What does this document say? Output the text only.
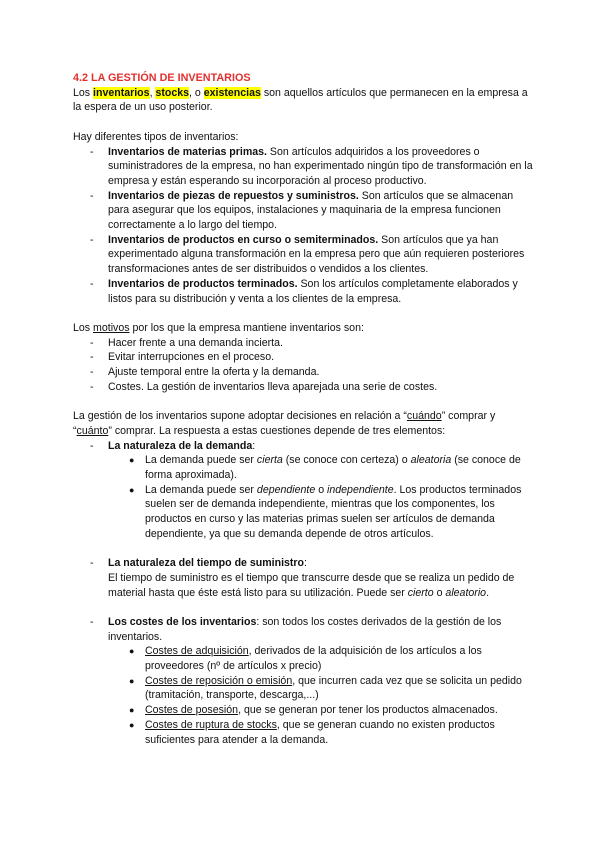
4.2 LA GESTIÓN DE INVENTARIOS

Los inventarios, stocks, o existencias son aquellos artículos que permanecen en la empresa a la espera de un uso posterior.

Hay diferentes tipos de inventarios:

- Inventarios de materias primas. Son artículos adquiridos a los proveedores o suministradores de la empresa, no han experimentado ningún tipo de transformación en la empresa y están esperando su incorporación al proceso productivo.
- Inventarios de piezas de repuestos y suministros. Son artículos que se almacenan para asegurar que los equipos, instalaciones y maquinaria de la empresa funcionen correctamente a lo largo del tiempo.
- Inventarios de productos en curso o semiterminados. Son artículos que ya han experimentado alguna transformación en la empresa pero que aún requieren posteriores transformaciones antes de ser distribuidos o vendidos a los clientes.
- Inventarios de productos terminados. Son los artículos completamente elaborados y listos para su distribución y venta a los clientes de la empresa.

Los motivos por los que la empresa mantiene inventarios son:

- Hacer frente a una demanda incierta.
- Evitar interrupciones en el proceso.
- Ajuste temporal entre la oferta y la demanda.
- Costes. La gestión de inventarios lleva aparejada una serie de costes.

La gestión de los inventarios supone adoptar decisiones en relación a “cuándo” comprar y “cuánto” comprar. La respuesta a estas cuestiones depende de tres elementos:

- La naturaleza de la demanda:
● La demanda puede ser cierta (se conoce con certeza) o aleatoria (se conoce de forma aproximada).
● La demanda puede ser dependiente o independiente. Los productos terminados suelen ser de demanda independiente, mientras que los componentes, los productos en curso y las materias primas suelen ser artículos de demanda dependiente, ya que su demanda depende de otros artículos.
- La naturaleza del tiempo de suministro:
El tiempo de suministro es el tiempo que transcurre desde que se realiza un pedido de material hasta que éste está listo para su utilización. Puede ser cierto o aleatorio.
- Los costes de los inventarios: son todos los costes derivados de la gestión de los inventarios.
● Costes de adquisición, derivados de la adquisición de los artículos a los proveedores (nº de artículos x precio)
● Costes de reposición o emisión, que incurren cada vez que se solicita un pedido (tramitación, transporte, descarga,...)
● Costes de posesión, que se generan por tener los productos almacenados.
● Costes de ruptura de stocks, que se generan cuando no existen productos suficientes para atender a la demanda.
